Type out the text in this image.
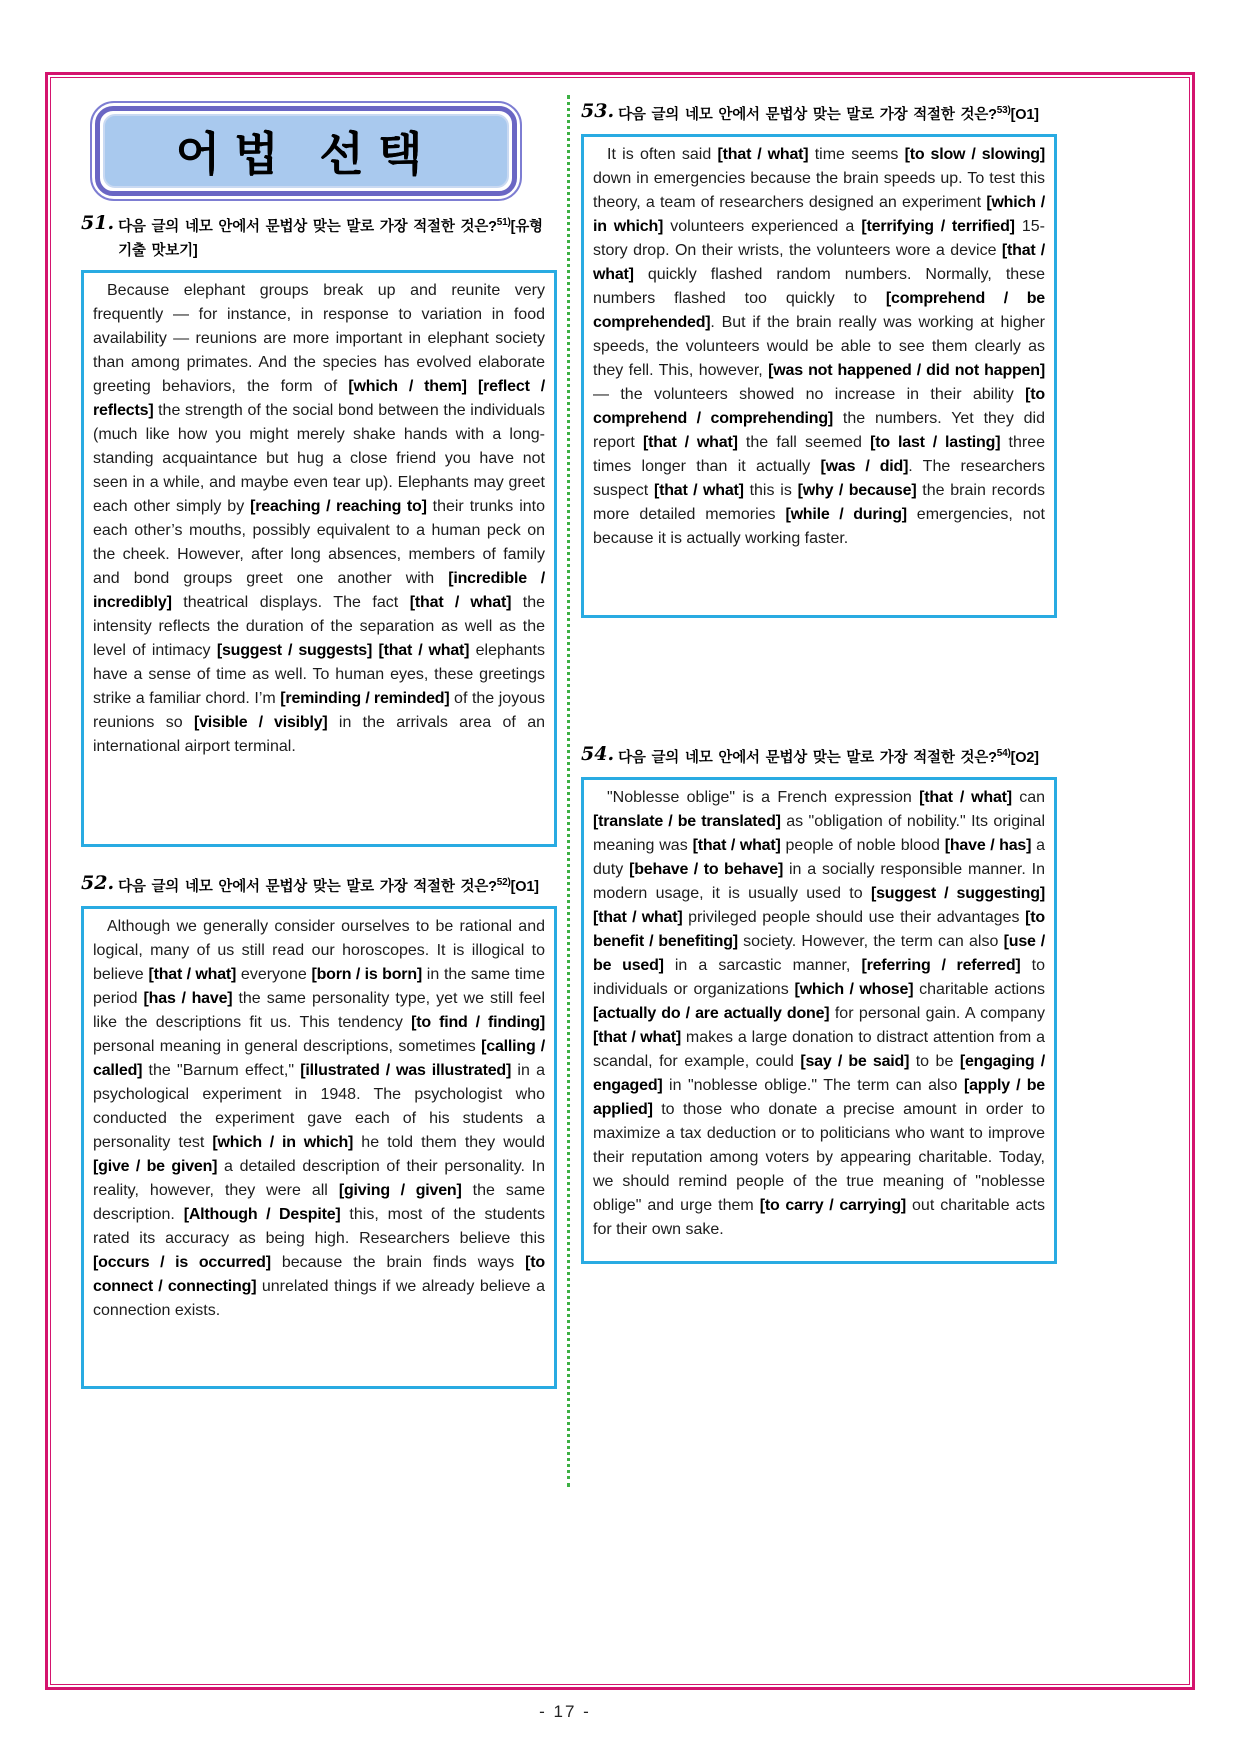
어법 선택
51. 다음 글의 네모 안에서 문법상 맞는 말로 가장 적절한 것은?$^{51)}$[유형 기출 맛보기]
Because elephant groups break up and reunite very frequently — for instance, in response to variation in food availability — reunions are more important in elephant society than among primates. And the species has evolved elaborate greeting behaviors, the form of [which / them] [reflect / reflects] the strength of the social bond between the individuals (much like how you might merely shake hands with a long-standing acquaintance but hug a close friend you have not seen in a while, and maybe even tear up). Elephants may greet each other simply by [reaching / reaching to] their trunks into each other’s mouths, possibly equivalent to a human peck on the cheek. However, after long absences, members of family and bond groups greet one another with [incredible / incredibly] theatrical displays. The fact [that / what] the intensity reflects the duration of the separation as well as the level of intimacy [suggest / suggests] [that / what] elephants have a sense of time as well. To human eyes, these greetings strike a familiar chord. I’m [reminding / reminded] of the joyous reunions so [visible / visibly] in the arrivals area of an international airport terminal.
52. 다음 글의 네모 안에서 문법상 맞는 말로 가장 적절한 것은?$^{52)}$[O1]
Although we generally consider ourselves to be rational and logical, many of us still read our horoscopes. It is illogical to believe [that / what] everyone [born / is born] in the same time period [has / have] the same personality type, yet we still feel like the descriptions fit us. This tendency [to find / finding] personal meaning in general descriptions, sometimes [calling / called] the "Barnum effect," [illustrated / was illustrated] in a psychological experiment in 1948. The psychologist who conducted the experiment gave each of his students a personality test [which / in which] he told them they would [give / be given] a detailed description of their personality. In reality, however, they were all [giving / given] the same description. [Although / Despite] this, most of the students rated its accuracy as being high. Researchers believe this [occurs / is occurred] because the brain finds ways [to connect / connecting] unrelated things if we already believe a connection exists.
53. 다음 글의 네모 안에서 문법상 맞는 말로 가장 적절한 것은?$^{53)}$[O1]
It is often said [that / what] time seems [to slow / slowing] down in emergencies because the brain speeds up. To test this theory, a team of researchers designed an experiment [which / in which] volunteers experienced a [terrifying / terrified] 15-story drop. On their wrists, the volunteers wore a device [that / what] quickly flashed random numbers. Normally, these numbers flashed too quickly to [comprehend / be comprehended]. But if the brain really was working at higher speeds, the volunteers would be able to see them clearly as they fell. This, however, [was not happened / did not happen] — the volunteers showed no increase in their ability [to comprehend / comprehending] the numbers. Yet they did report [that / what] the fall seemed [to last / lasting] three times longer than it actually [was / did]. The researchers suspect [that / what] this is [why / because] the brain records more detailed memories [while / during] emergencies, not because it is actually working faster.
54. 다음 글의 네모 안에서 문법상 맞는 말로 가장 적절한 것은?$^{54)}$[O2]
"Noblesse oblige" is a French expression [that / what] can [translate / be translated] as "obligation of nobility." Its original meaning was [that / what] people of noble blood [have / has] a duty [behave / to behave] in a socially responsible manner. In modern usage, it is usually used to [suggest / suggesting] [that / what] privileged people should use their advantages [to benefit / benefiting] society. However, the term can also [use / be used] in a sarcastic manner, [referring / referred] to individuals or organizations [which / whose] charitable actions [actually do / are actually done] for personal gain. A company [that / what] makes a large donation to distract attention from a scandal, for example, could [say / be said] to be [engaging / engaged] in "noblesse oblige." The term can also [apply / be applied] to those who donate a precise amount in order to maximize a tax deduction or to politicians who want to improve their reputation among voters by appearing charitable. Today, we should remind people of the true meaning of "noblesse oblige" and urge them [to carry / carrying] out charitable acts for their own sake.
- 17 -
